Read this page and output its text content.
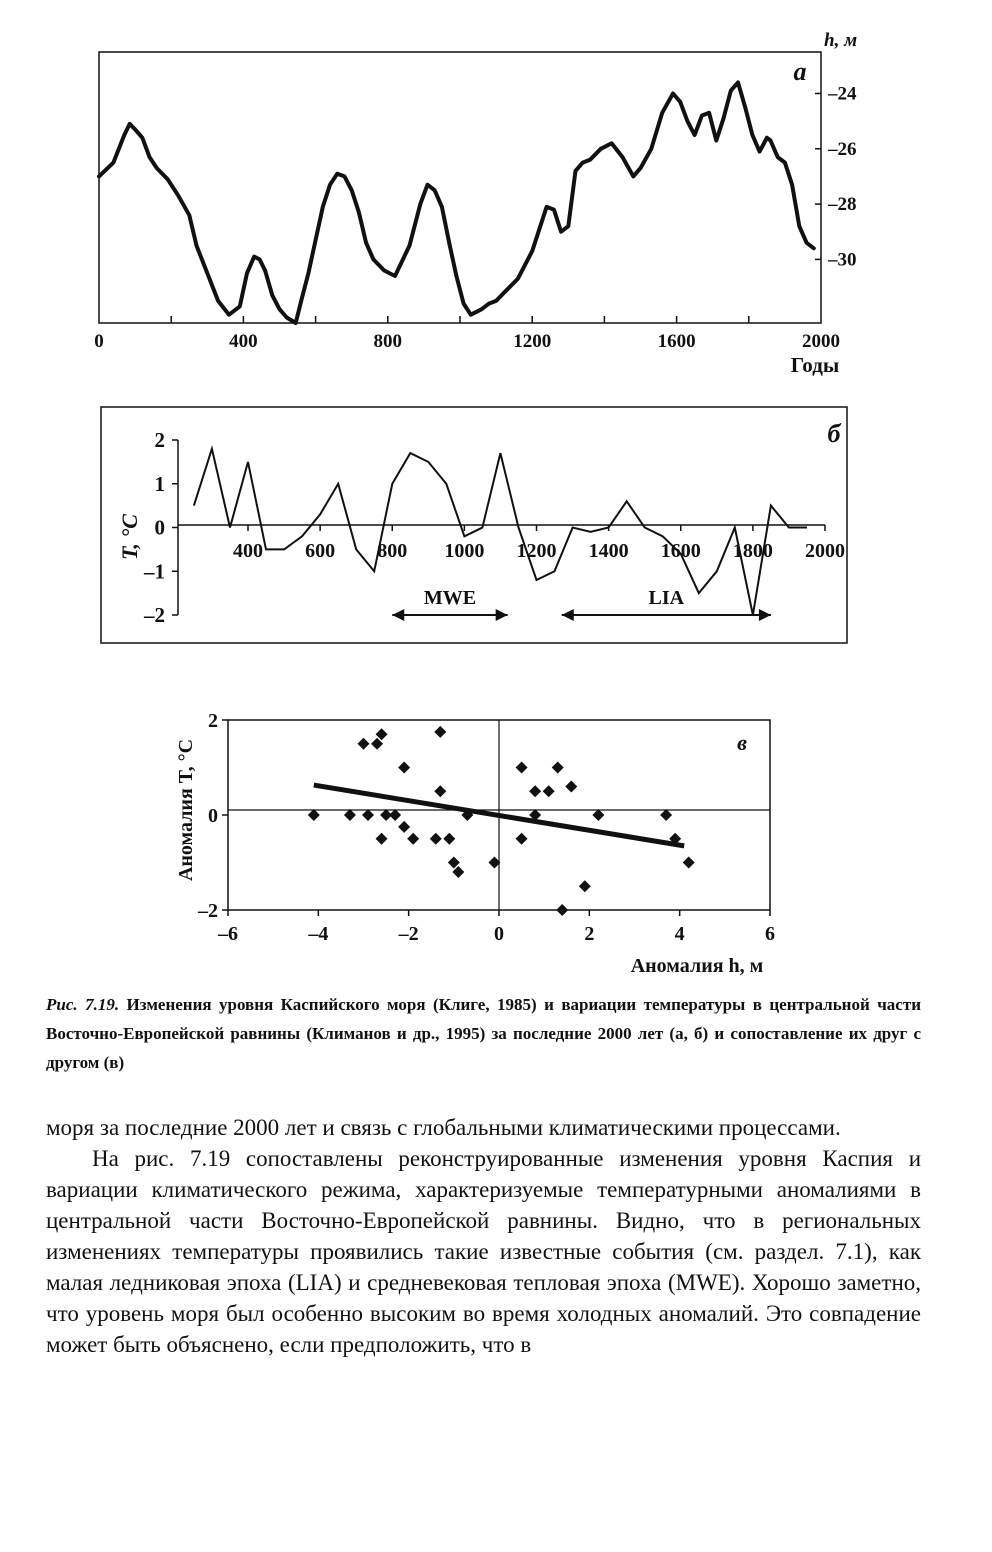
а
h, м
Годы
0	400	800	1200	1600	2000
–24
–26
–28
–30
MWE	LIA
б
T, °C
2
1
0
–1
–2
400 600 800 1000 1200 1400 1600 1800 2000
в
Аномалия T, °C
Аномалия h, м
2
0
–2
–6	–4	–2	0	2	4	6
Рис. 7.19. Изменения уровня Каспийского моря (Клиге, 1985) и вариации температуры в центральной части Восточно-Европейской равнины (Климанов и др., 1995) за последние 2000 лет (а, б) и сопоставление их друг с другом (в)

моря за последние 2000 лет и связь с глобальными климатическими процессами.

На рис. 7.19 сопоставлены реконструированные изменения уровня Каспия и вариации климатического режима, характеризуемые температурными аномалиями в центральной части Восточно-Европейской равнины. Видно, что в региональных изменениях температуры проявились такие известные события (см. раздел. 7.1), как малая ледниковая эпоха (LIA) и средневековая тепловая эпоха (MWE). Хорошо заметно, что уровень моря был особенно высоким во время холодных аномалий. Это совпадение может быть объяснено, если предположить, что в
